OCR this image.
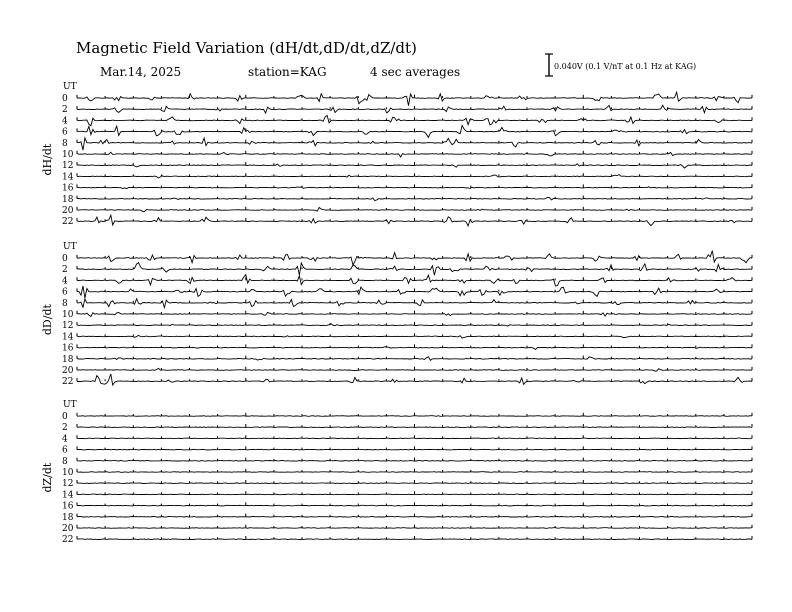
Magnetic Field Variation (dH/dt,dD/dt,dZ/dt)
Mar.14, 2025	station=KAG	4 sec averages	0.040V (0.1 V/nT at 0.1 Hz at KAG)
UT
dH/dt
0
2
4
6
8
10
12
14
16
18
20
22
UT
dD/dt
0
2
4
6
8
10
12
14
16
18
20
22
UT
dZ/dt
0
2
4
6
8
10
12
14
16
18
20
22
